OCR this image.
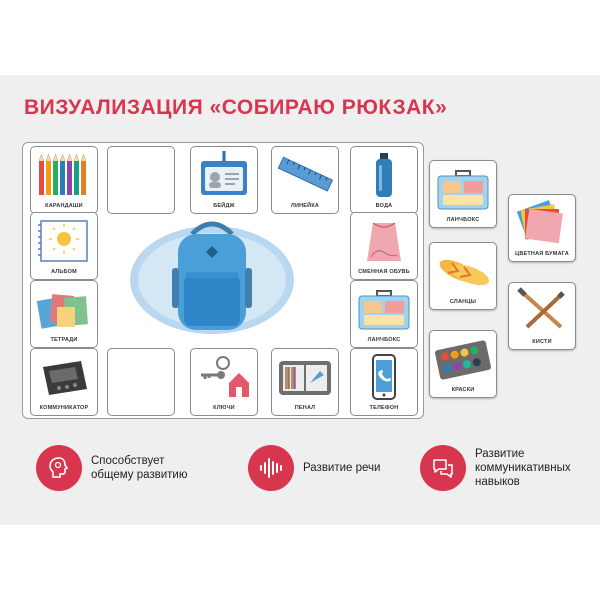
ВИЗУАЛИЗАЦИЯ «СОБИРАЮ РЮКЗАК»
КАРАНДАШИ	БЕЙДЖ	ЛИНЕЙКА	ВОДА
АЛЬБОМ	СМЕННАЯ ОБУВЬ
ТЕТРАДИ	ЛАНЧБОКС
КОММУНИКАТОР	КЛЮЧИ	ПЕНАЛ	ТЕЛЕФОН
ЛАНЧБОКС
ЦВЕТНАЯ БУМАГА
СЛАНЦЫ
КИСТИ
КРАСКИ
Способствует общему развитию
Развитие речи
Развитие коммуникативных навыков
